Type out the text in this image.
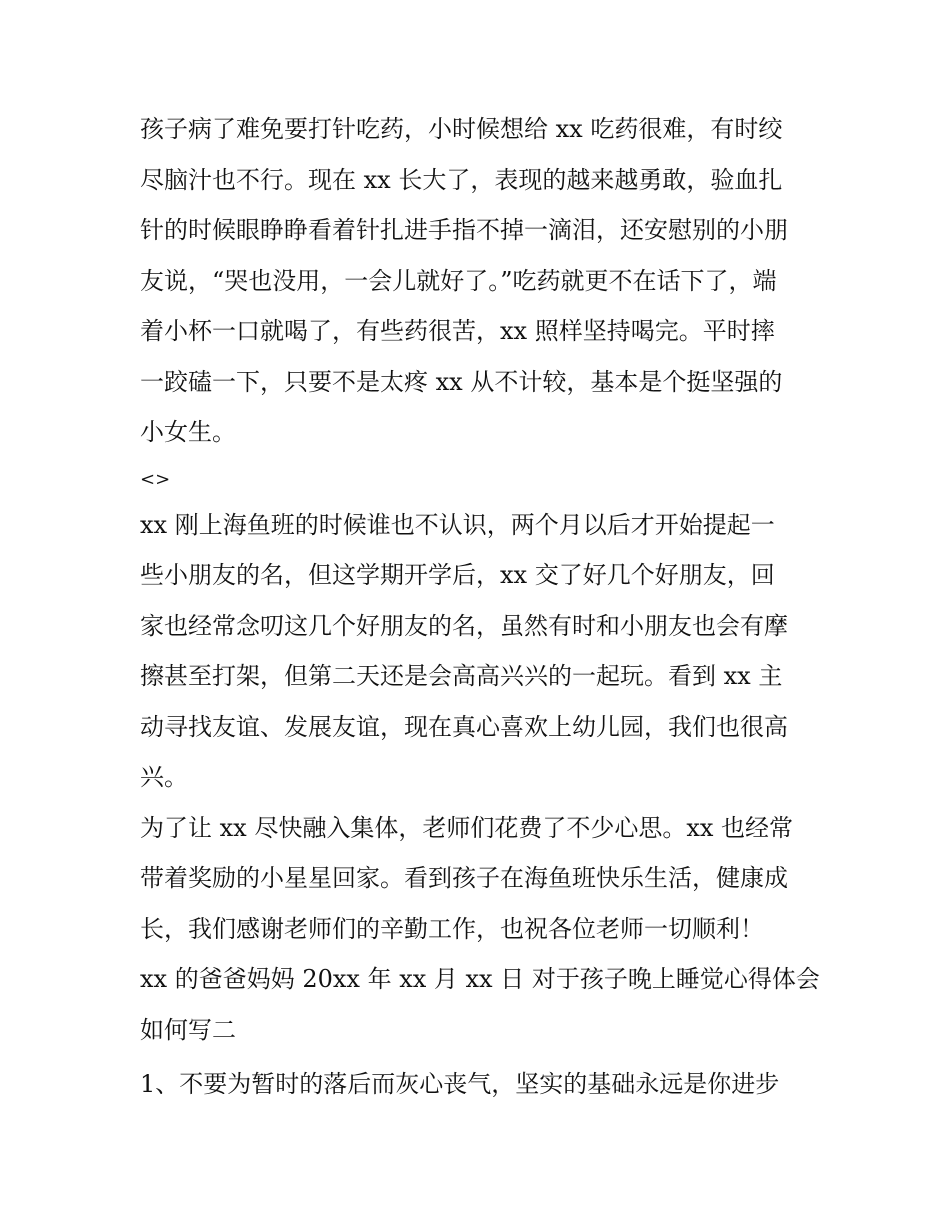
孩子病了难免要打针吃药，小时候想给 xx 吃药很难，有时绞
尽脑汁也不行。现在 xx 长大了，表现的越来越勇敢，验血扎
针的时候眼睁睁看着针扎进手指不掉一滴泪，还安慰别的小朋
友说，“哭也没用，一会儿就好了。”吃药就更不在话下了，端
着小杯一口就喝了，有些药很苦，xx 照样坚持喝完。平时摔
一跤磕一下，只要不是太疼 xx 从不计较，基本是个挺坚强的
小女生。
<>
xx 刚上海鱼班的时候谁也不认识，两个月以后才开始提起一
些小朋友的名，但这学期开学后，xx 交了好几个好朋友，回
家也经常念叨这几个好朋友的名，虽然有时和小朋友也会有摩
擦甚至打架，但第二天还是会高高兴兴的一起玩。看到 xx 主
动寻找友谊、发展友谊，现在真心喜欢上幼儿园，我们也很高
兴。
为了让 xx 尽快融入集体，老师们花费了不少心思。xx 也经常
带着奖励的小星星回家。看到孩子在海鱼班快乐生活，健康成
长，我们感谢老师们的辛勤工作，也祝各位老师一切顺利！
xx 的爸爸妈妈 20xx 年 xx 月 xx 日 对于孩子晚上睡觉心得体会
如何写二
1、不要为暂时的落后而灰心丧气，坚实的基础永远是你进步
